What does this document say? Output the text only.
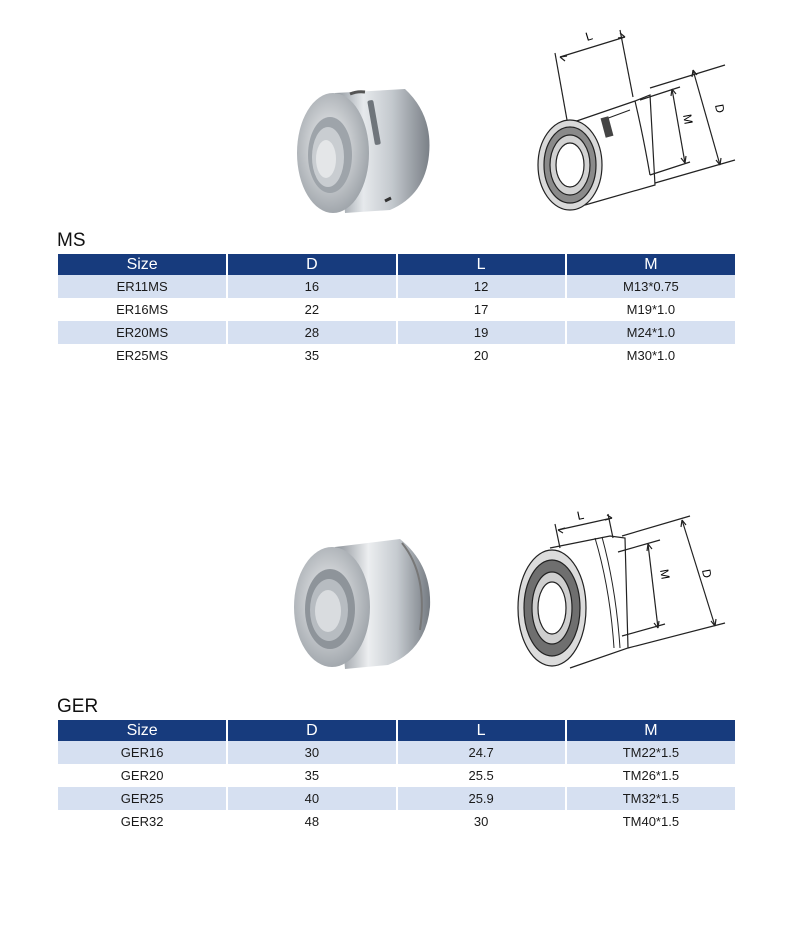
L
M
D
MS
Size	D	L	M
ER11MS	16	12	M13*0.75
ER16MS	22	17	M19*1.0
ER20MS	28	19	M24*1.0
ER25MS	35	20	M30*1.0
L
M D
GER
Size	D	L	M
GER16	30	24.7	TM22*1.5
GER20	35	25.5	TM26*1.5
GER25	40	25.9	TM32*1.5
GER32	48	30	TM40*1.5
